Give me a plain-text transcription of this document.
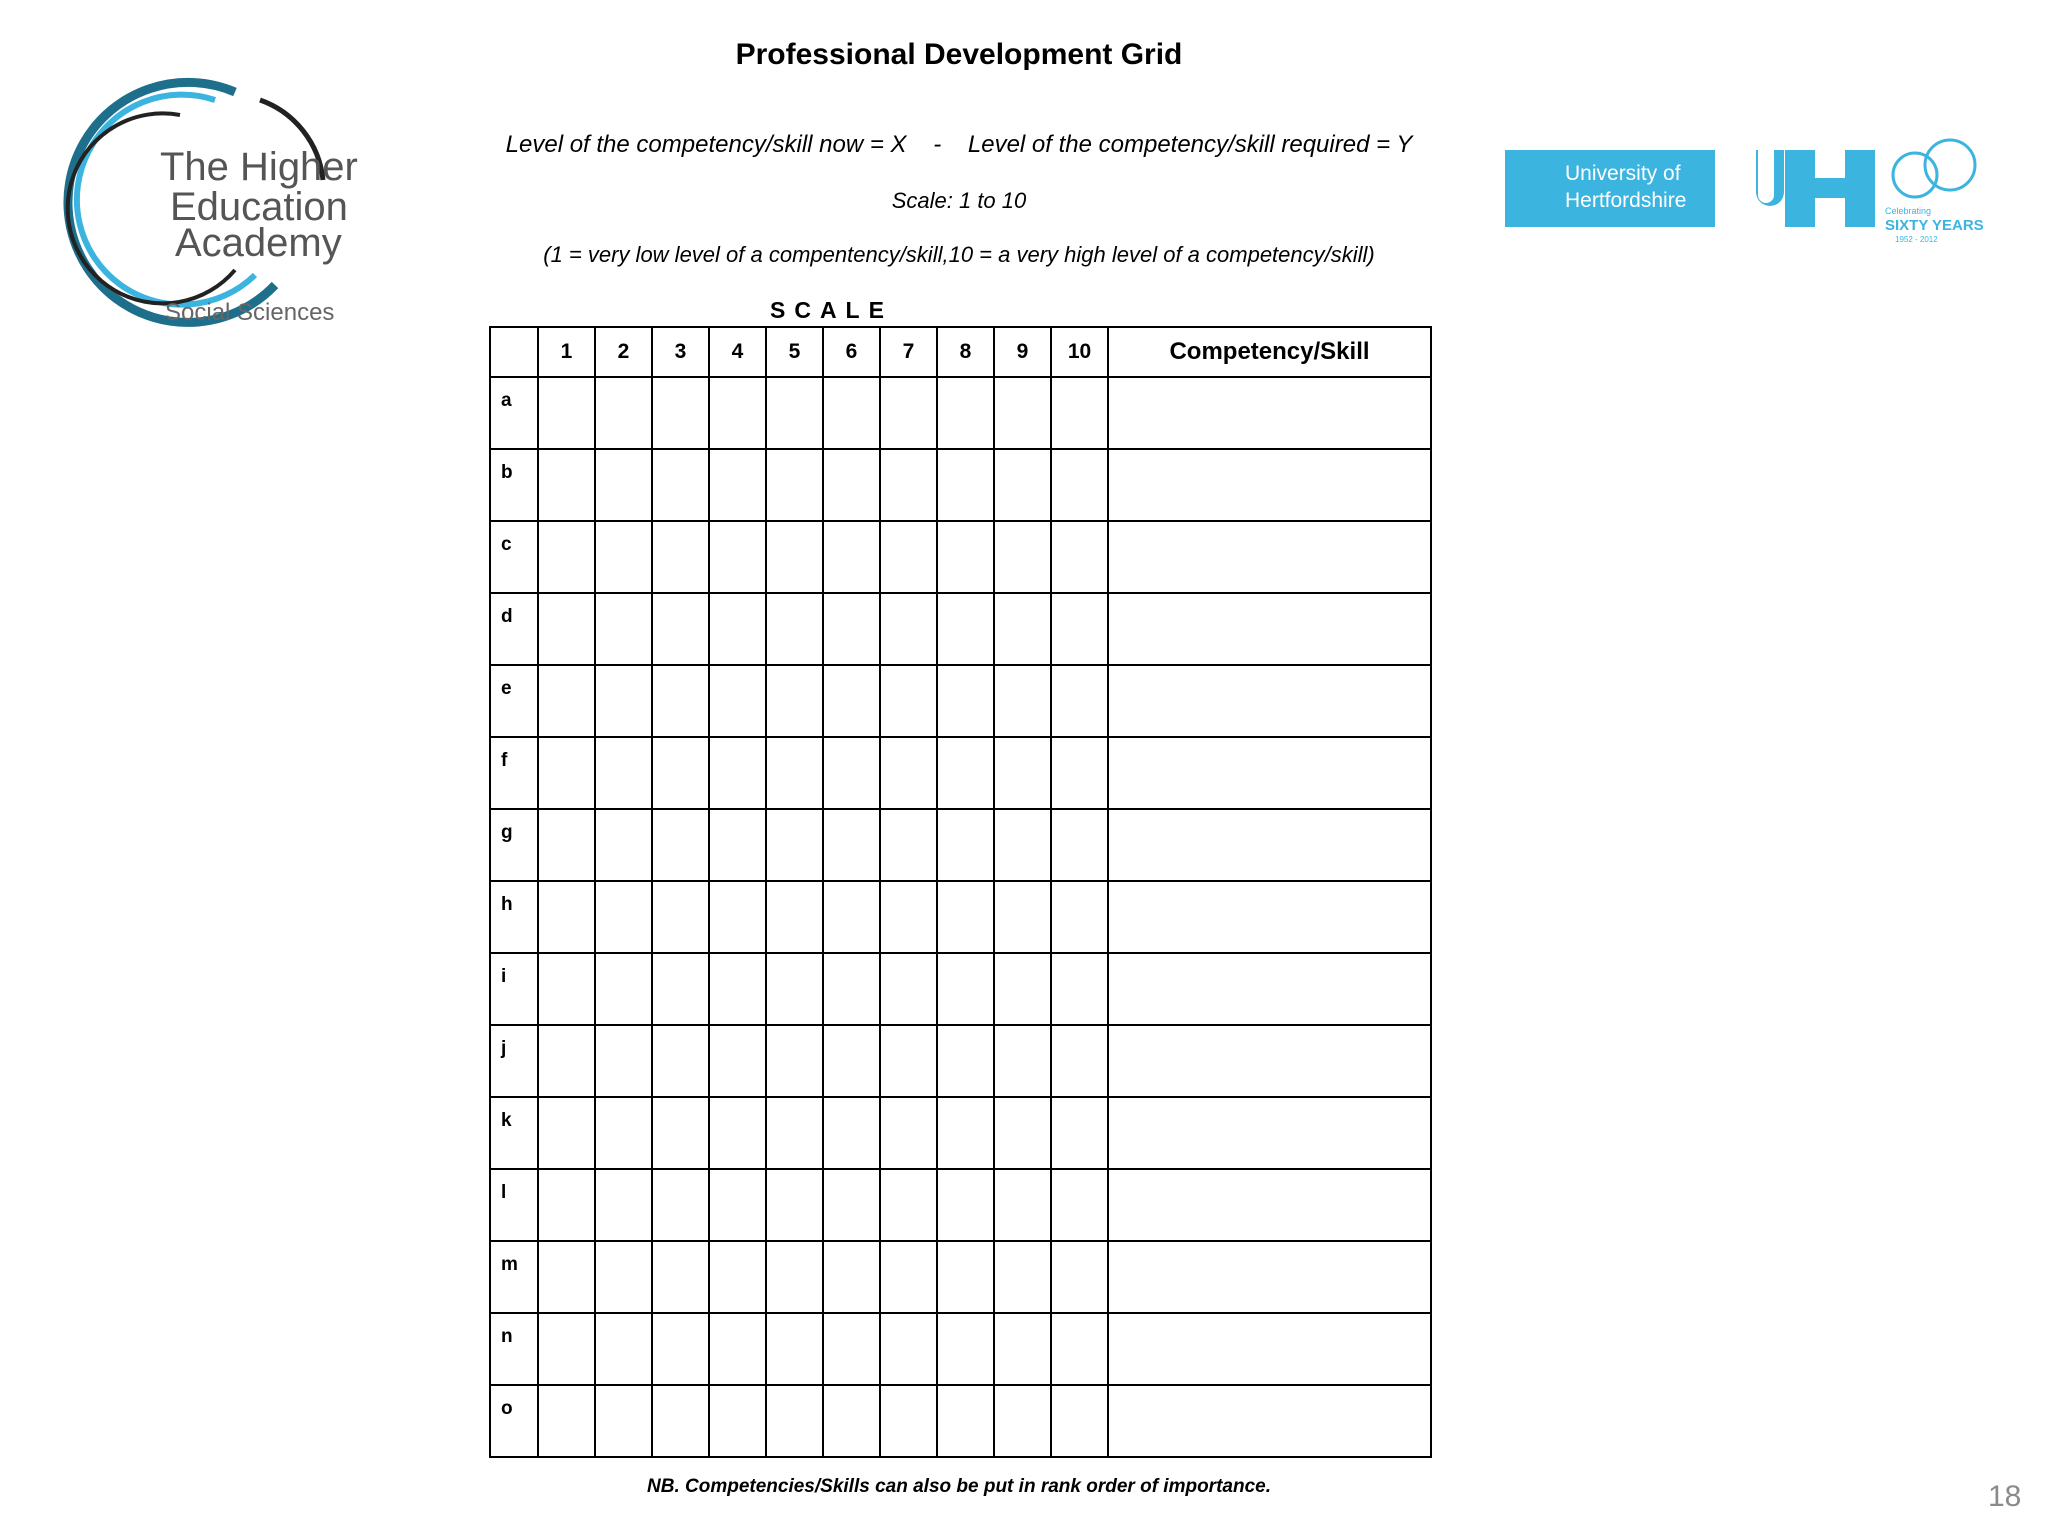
Professional Development Grid
Level of the competency/skill now = X    -    Level of the competency/skill required = Y
Scale: 1 to 10
(1 = very low level of a compentency/skill,10 = a very high level of a competency/skill)
SCALE
	1	2	3	4	5	6	7	8	9	10	Competency/Skill
a											
b											
c											
d											
e											
f											
g											
h											
i											
j											
k											
l											
m											
n											
o											
NB. Competencies/Skills can also be put in rank order of importance.	18
The Higher
Education
Academy
Social Sciences
University of
Hertfordshire	Celebrating
SIXTY YEARS
1952 - 2012
